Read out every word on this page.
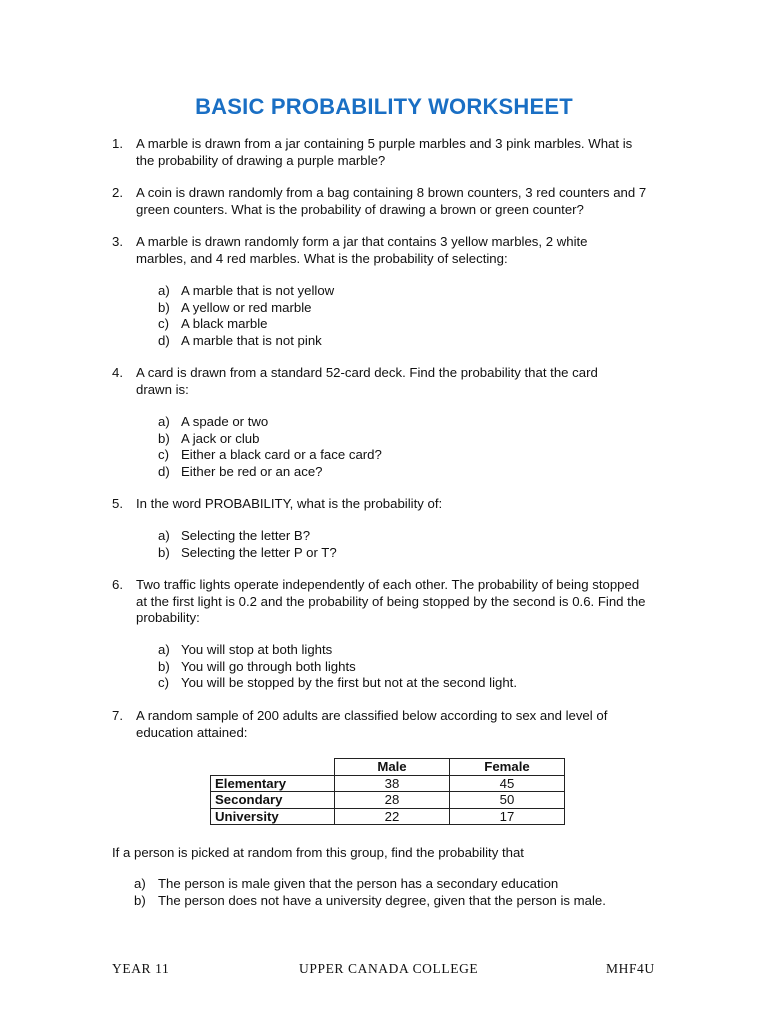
BASIC PROBABILITY WORKSHEET
1. A marble is drawn from a jar containing 5 purple marbles and 3 pink marbles. What is the probability of drawing a purple marble?
2. A coin is drawn randomly from a bag containing 8 brown counters, 3 red counters and 7 green counters. What is the probability of drawing a brown or green counter?
3. A marble is drawn randomly form a jar that contains 3 yellow marbles, 2 white marbles, and 4 red marbles. What is the probability of selecting:
a) A marble that is not yellow
b) A yellow or red marble
c) A black marble
d) A marble that is not pink
4. A card is drawn from a standard 52-card deck. Find the probability that the card drawn is:
a) A spade or two
b) A jack or club
c) Either a black card or a face card?
d) Either be red or an ace?
5. In the word PROBABILITY, what is the probability of:
a) Selecting the letter B?
b) Selecting the letter P or T?
6. Two traffic lights operate independently of each other. The probability of being stopped at the first light is 0.2 and the probability of being stopped by the second is 0.6. Find the probability:
a) You will stop at both lights
b) You will go through both lights
c) You will be stopped by the first but not at the second light.
7. A random sample of 200 adults are classified below according to sex and level of education attained:
	Male	Female
Elementary	38	45
Secondary	28	50
University	22	17
If a person is picked at random from this group, find the probability that
a) The person is male given that the person has a secondary education
b) The person does not have a university degree, given that the person is male.
YEAR 11	UPPER CANADA COLLEGE	MHF4U
